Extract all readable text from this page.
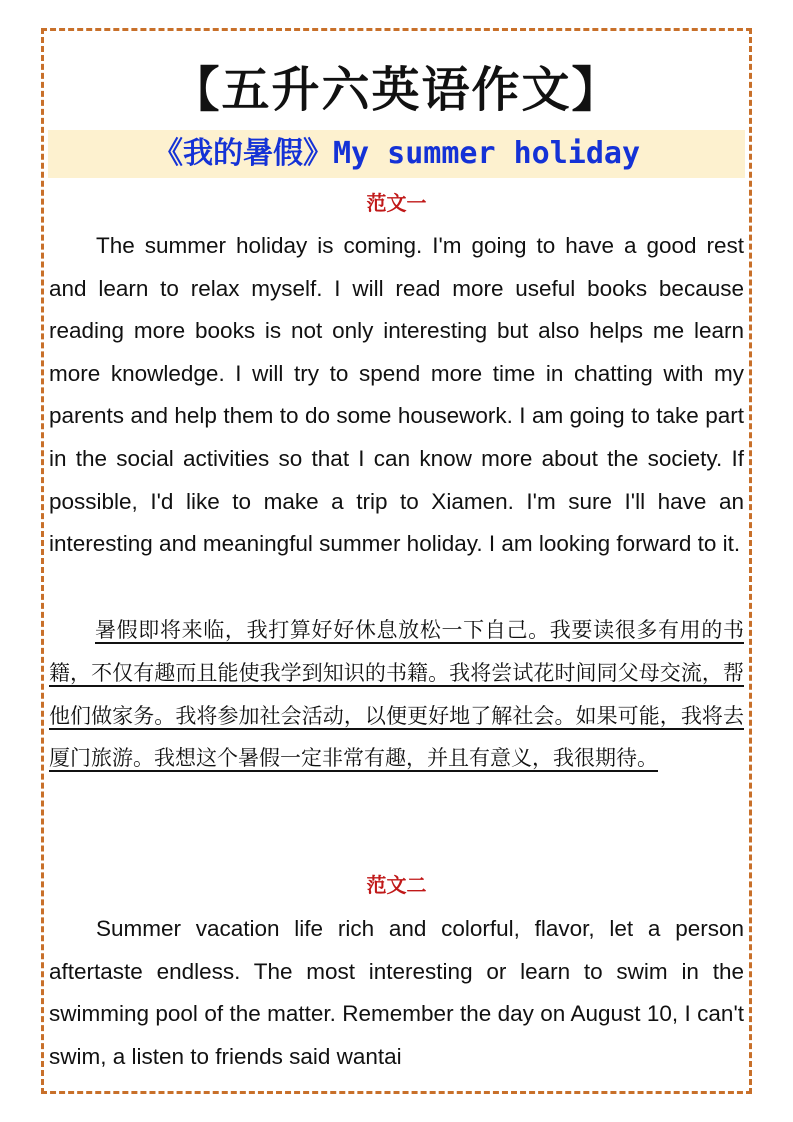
【五升六英语作文】
《我的暑假》My summer holiday
范文一

The summer holiday is coming. I'm going to have a good rest and learn to relax myself. I will read more useful books because reading more books is not only interesting but also helps me learn more knowledge. I will try to spend more time in chatting with my parents and help them to do some housework. I am going to take part in the social activities so that I can know more about the society. If possible, I'd like to make a trip to Xiamen. I'm sure I'll have an interesting and meaningful summer holiday. I am looking forward to it.

暑假即将来临，我打算好好休息放松一下自己。我要读很多有用的书籍，不仅有趣而且能使我学到知识的书籍。我将尝试花时间同父母交流，帮他们做家务。我将参加社会活动，以便更好地了解社会。如果可能，我将去厦门旅游。我想这个暑假一定非常有趣，并且有意义，我很期待。

范文二

Summer vacation life rich and colorful, flavor, let a person aftertaste endless. The most interesting or learn to swim in the swimming pool of the matter. Remember the day on August 10, I can't swim, a listen to friends said wantai
